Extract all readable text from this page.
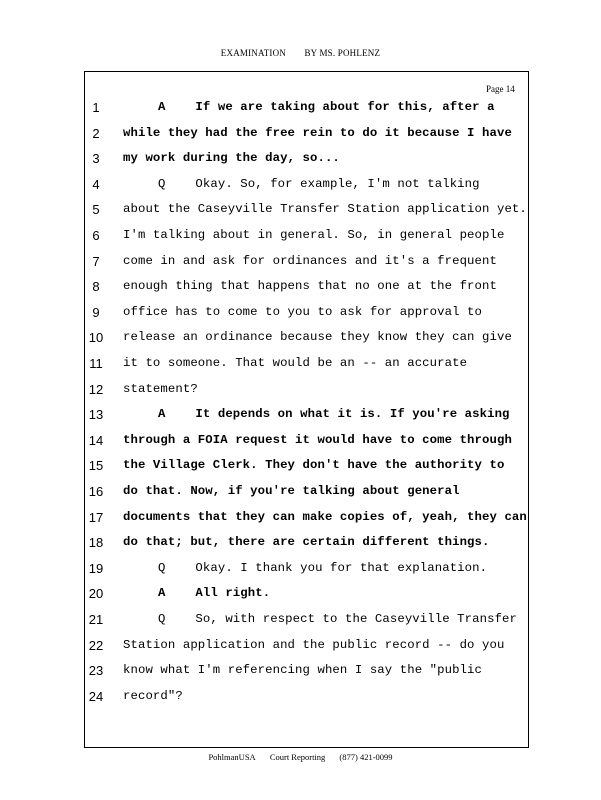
EXAMINATION BY MS. POHLENZ
Page 14
1	A    If we are taking about for this, after a
2	while they had the free rein to do it because I have
3	my work during the day, so...
4	Q    Okay. So, for example, I'm not talking
5	about the Caseyville Transfer Station application yet.
6	I'm talking about in general. So, in general people
7	come in and ask for ordinances and it's a frequent
8	enough thing that happens that no one at the front
9	office has to come to you to ask for approval to
10 release an ordinance because they know they can give
11 it to someone. That would be an -- an accurate
12 statement?
13	A    It depends on what it is. If you're asking
14 through a FOIA request it would have to come through
15 the Village Clerk. They don't have the authority to
16 do that. Now, if you're talking about general
17 documents that they can make copies of, yeah, they can
18 do that; but, there are certain different things.
19	Q    Okay. I thank you for that explanation.
20	A    All right.
21	Q    So, with respect to the Caseyville Transfer
22 Station application and the public record -- do you
23 know what I'm referencing when I say the "public
24 record"?
PohlmanUSA Court Reporting (877) 421-0099
